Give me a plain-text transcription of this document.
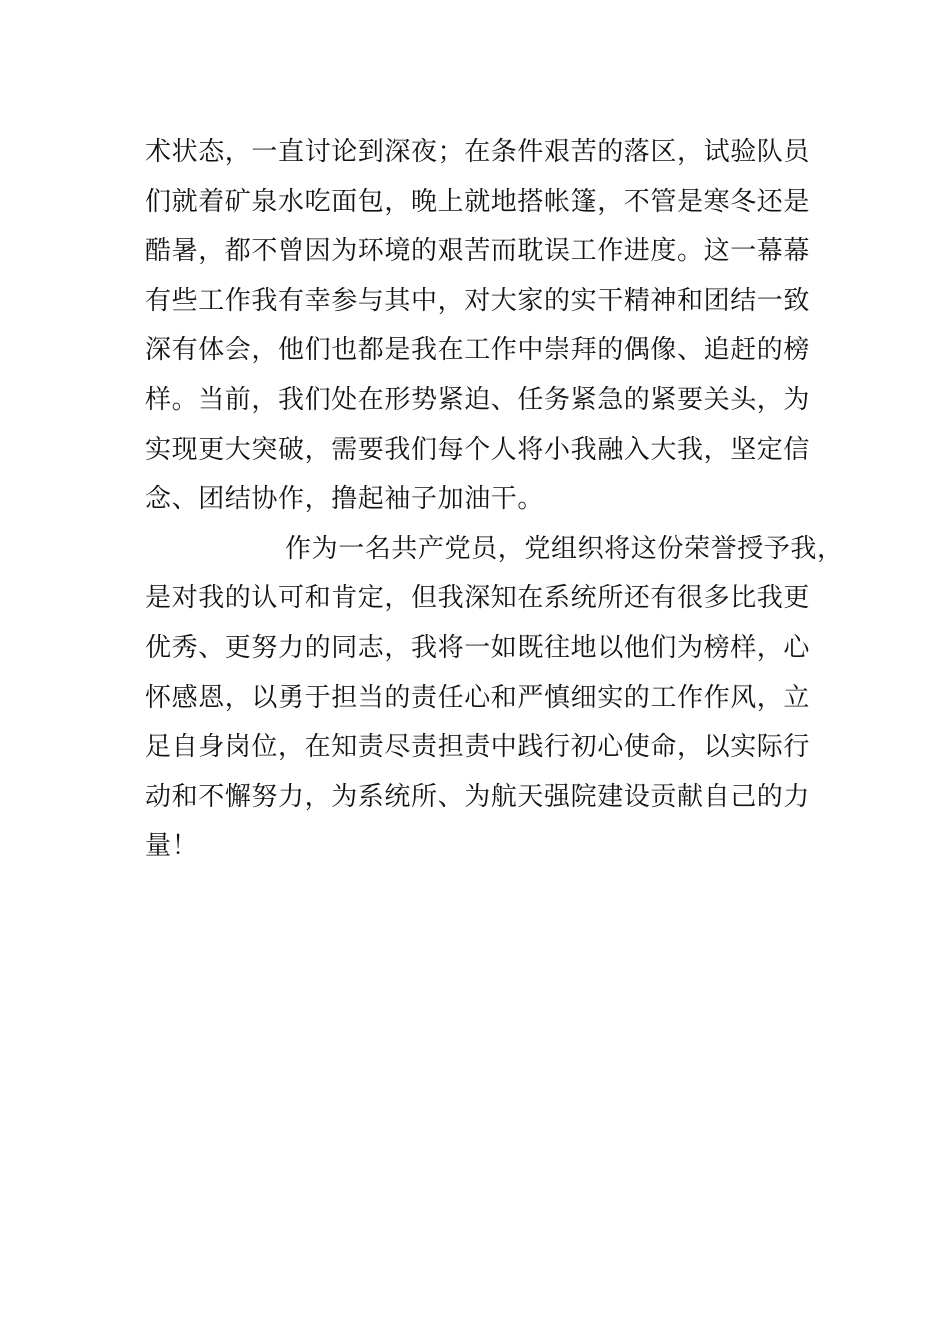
术状态，一直讨论到深夜；在条件艰苦的落区，试验队员
们就着矿泉水吃面包，晚上就地搭帐篷，不管是寒冬还是
酷暑，都不曾因为环境的艰苦而耽误工作进度。这一幕幕
有些工作我有幸参与其中，对大家的实干精神和团结一致
深有体会，他们也都是我在工作中崇拜的偶像、追赶的榜
样。当前，我们处在形势紧迫、任务紧急的紧要关头，为
实现更大突破，需要我们每个人将小我融入大我，坚定信
念、团结协作，撸起袖子加油干。
作为一名共产党员，党组织将这份荣誉授予我，
是对我的认可和肯定，但我深知在系统所还有很多比我更
优秀、更努力的同志，我将一如既往地以他们为榜样，心
怀感恩，以勇于担当的责任心和严慎细实的工作作风，立
足自身岗位，在知责尽责担责中践行初心使命，以实际行
动和不懈努力，为系统所、为航天强院建设贡献自己的力
量！
